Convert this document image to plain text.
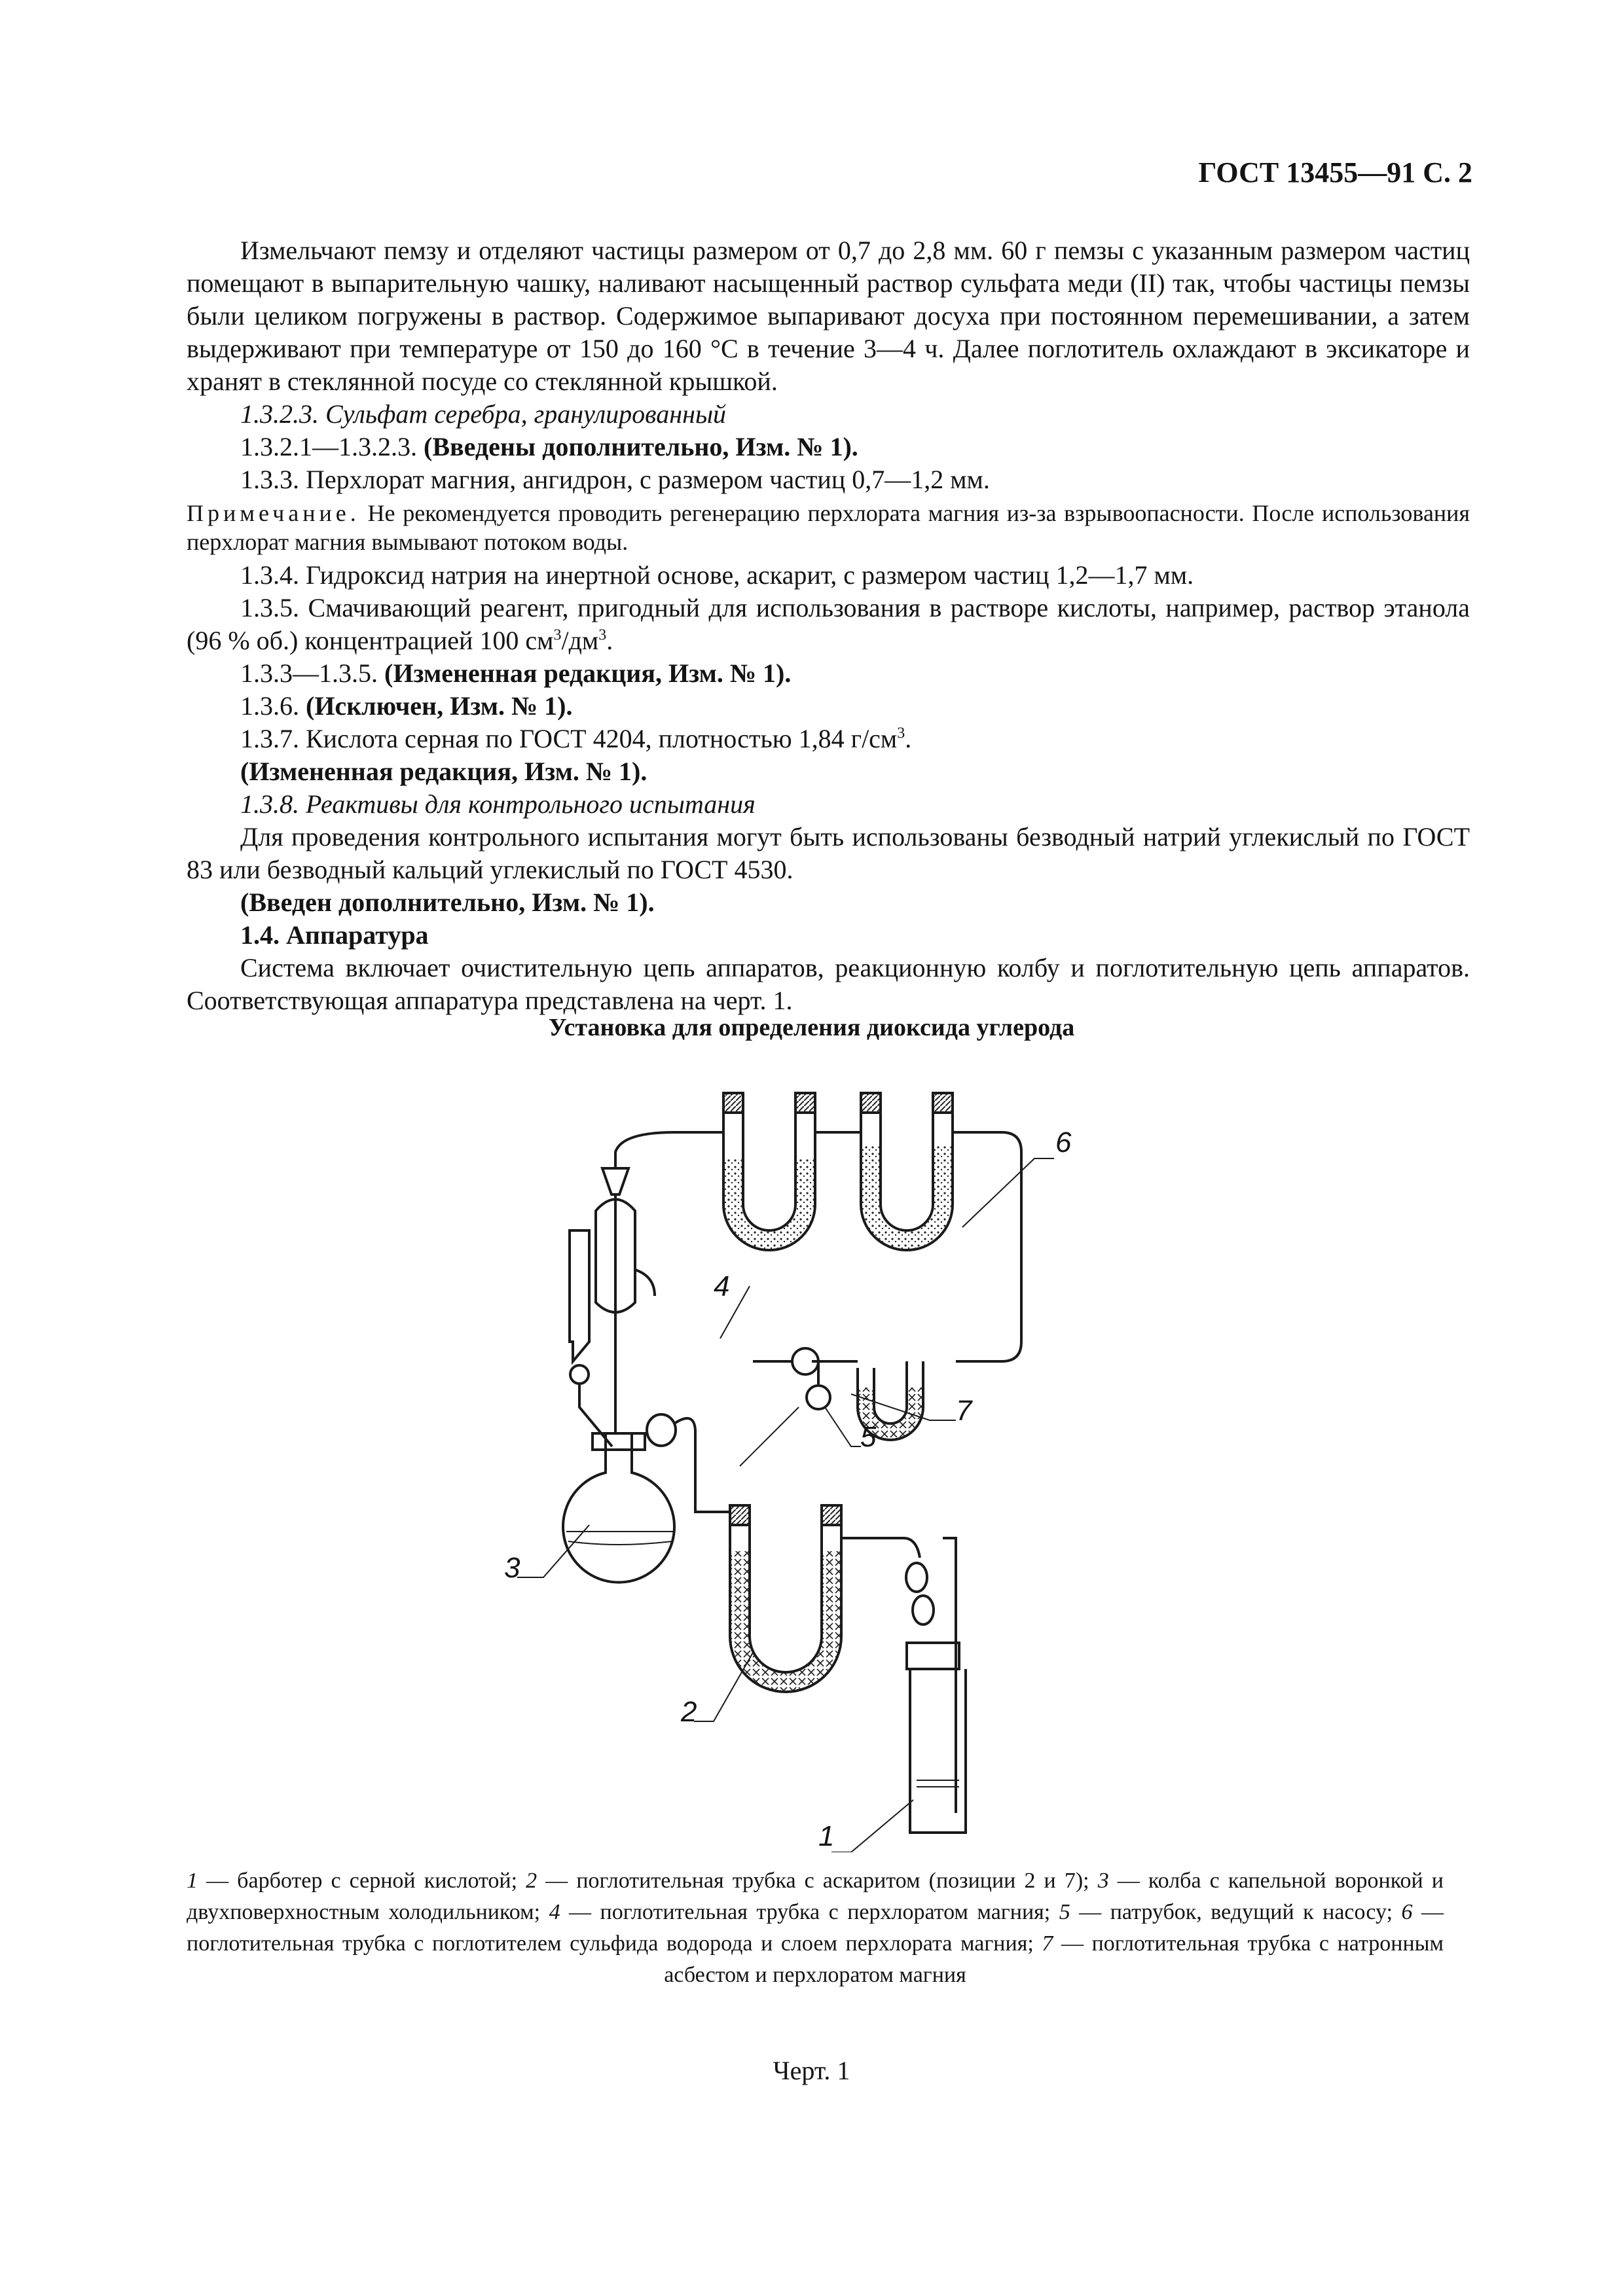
ГОСТ 13455—91 С. 2

Измельчают пемзу и отделяют частицы размером от 0,7 до 2,8 мм. 60 г пемзы с указанным размером частиц помещают в выпарительную чашку, наливают насыщенный раствор сульфата меди (II) так, чтобы частицы пемзы были целиком погружены в раствор. Содержимое выпаривают досуха при постоянном перемешивании, а затем выдерживают при температуре от 150 до 160 °С в течение 3—4 ч. Далее поглотитель охлаждают в эксикаторе и хранят в стеклянной посуде со стеклянной крышкой.

1.3.2.3. Сульфат серебра, гранулированный

1.3.2.1—1.3.2.3. (Введены дополнительно, Изм. № 1).

1.3.3. Перхлорат магния, ангидрон, с размером частиц 0,7—1,2 мм.

Примечание. Не рекомендуется проводить регенерацию перхлората магния из-за взрывоопасности. После использования перхлорат магния вымывают потоком воды.

1.3.4. Гидроксид натрия на инертной основе, аскарит, с размером частиц 1,2—1,7 мм.

1.3.5. Смачивающий реагент, пригодный для использования в растворе кислоты, например, раствор этанола (96 % об.) концентрацией 100 $см^3/дм^3$.

1.3.3—1.3.5. (Измененная редакция, Изм. № 1).

1.3.6. (Исключен, Изм. № 1).

1.3.7. Кислота серная по ГОСТ 4204, плотностью 1,84 $г/см^3$.

(Измененная редакция, Изм. № 1).

1.3.8. Реактивы для контрольного испытания

Для проведения контрольного испытания могут быть использованы безводный натрий углекислый по ГОСТ 83 или безводный кальций углекислый по ГОСТ 4530.

(Введен дополнительно, Изм. № 1).

1.4. Аппаратура

Система включает очистительную цепь аппаратов, реакционную колбу и поглотительную цепь аппаратов. Соответствующая аппаратура представлена на черт. 1.

Установка для определения диоксида углерода
6
4
7
5
3
2
1
1 — барботер с серной кислотой; 2 — поглотительная трубка с аскаритом (позиции 2 и 7); 3 — колба с капельной воронкой и двухповерхностным холодильником; 4 — поглотительная трубка с перхлоратом магния; 5 — патрубок, ведущий к насосу; 6 — поглотительная трубка с поглотителем сульфида водорода и слоем перхлората магния; 7 — поглотительная трубка с натронным асбестом и перхлоратом магния
Черт. 1
